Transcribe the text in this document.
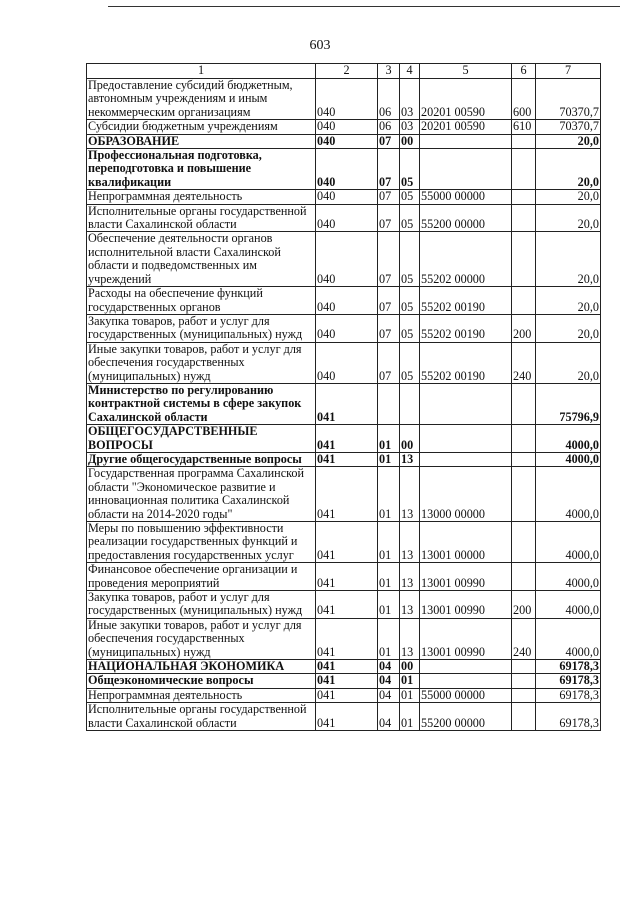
603
1	2	3	4	5	6	7
Предоставление субсидий бюджетным, автономным учреждениям и иным некоммерческим организациям	040	06	03	20201 00590	600	70370,7
Субсидии бюджетным учреждениям	040	06	03	20201 00590	610	70370,7
ОБРАЗОВАНИЕ	040	07	00			20,0
Профессиональная подготовка, переподготовка и повышение квалификации	040	07	05			20,0
Непрограммная деятельность	040	07	05	55000 00000		20,0
Исполнительные органы государственной власти Сахалинской области	040	07	05	55200 00000		20,0
Обеспечение деятельности органов исполнительной власти Сахалинской области и подведомственных им учреждений	040	07	05	55202 00000		20,0
Расходы на обеспечение функций государственных органов	040	07	05	55202 00190		20,0
Закупка товаров, работ и услуг для государственных (муниципальных) нужд	040	07	05	55202 00190	200	20,0
Иные закупки товаров, работ и услуг для обеспечения государственных (муниципальных) нужд	040	07	05	55202 00190	240	20,0
Министерство по регулированию контрактной системы в сфере закупок Сахалинской области	041					75796,9
ОБЩЕГОСУДАРСТВЕННЫЕ ВОПРОСЫ	041	01	00			4000,0
Другие общегосударственные вопросы	041	01	13			4000,0
Государственная программа Сахалинской области "Экономическое развитие и инновационная политика Сахалинской области на 2014-2020 годы"	041	01	13	13000 00000		4000,0
Меры по повышению эффективности реализации государственных функций и предоставления государственных услуг	041	01	13	13001 00000		4000,0
Финансовое обеспечение организации и проведения мероприятий	041	01	13	13001 00990		4000,0
Закупка товаров, работ и услуг для государственных (муниципальных) нужд	041	01	13	13001 00990	200	4000,0
Иные закупки товаров, работ и услуг для обеспечения государственных (муниципальных) нужд	041	01	13	13001 00990	240	4000,0
НАЦИОНАЛЬНАЯ ЭКОНОМИКА	041	04	00			69178,3
Общеэкономические вопросы	041	04	01			69178,3
Непрограммная деятельность	041	04	01	55000 00000		69178,3
Исполнительные органы государственной власти Сахалинской области	041	04	01	55200 00000		69178,3
